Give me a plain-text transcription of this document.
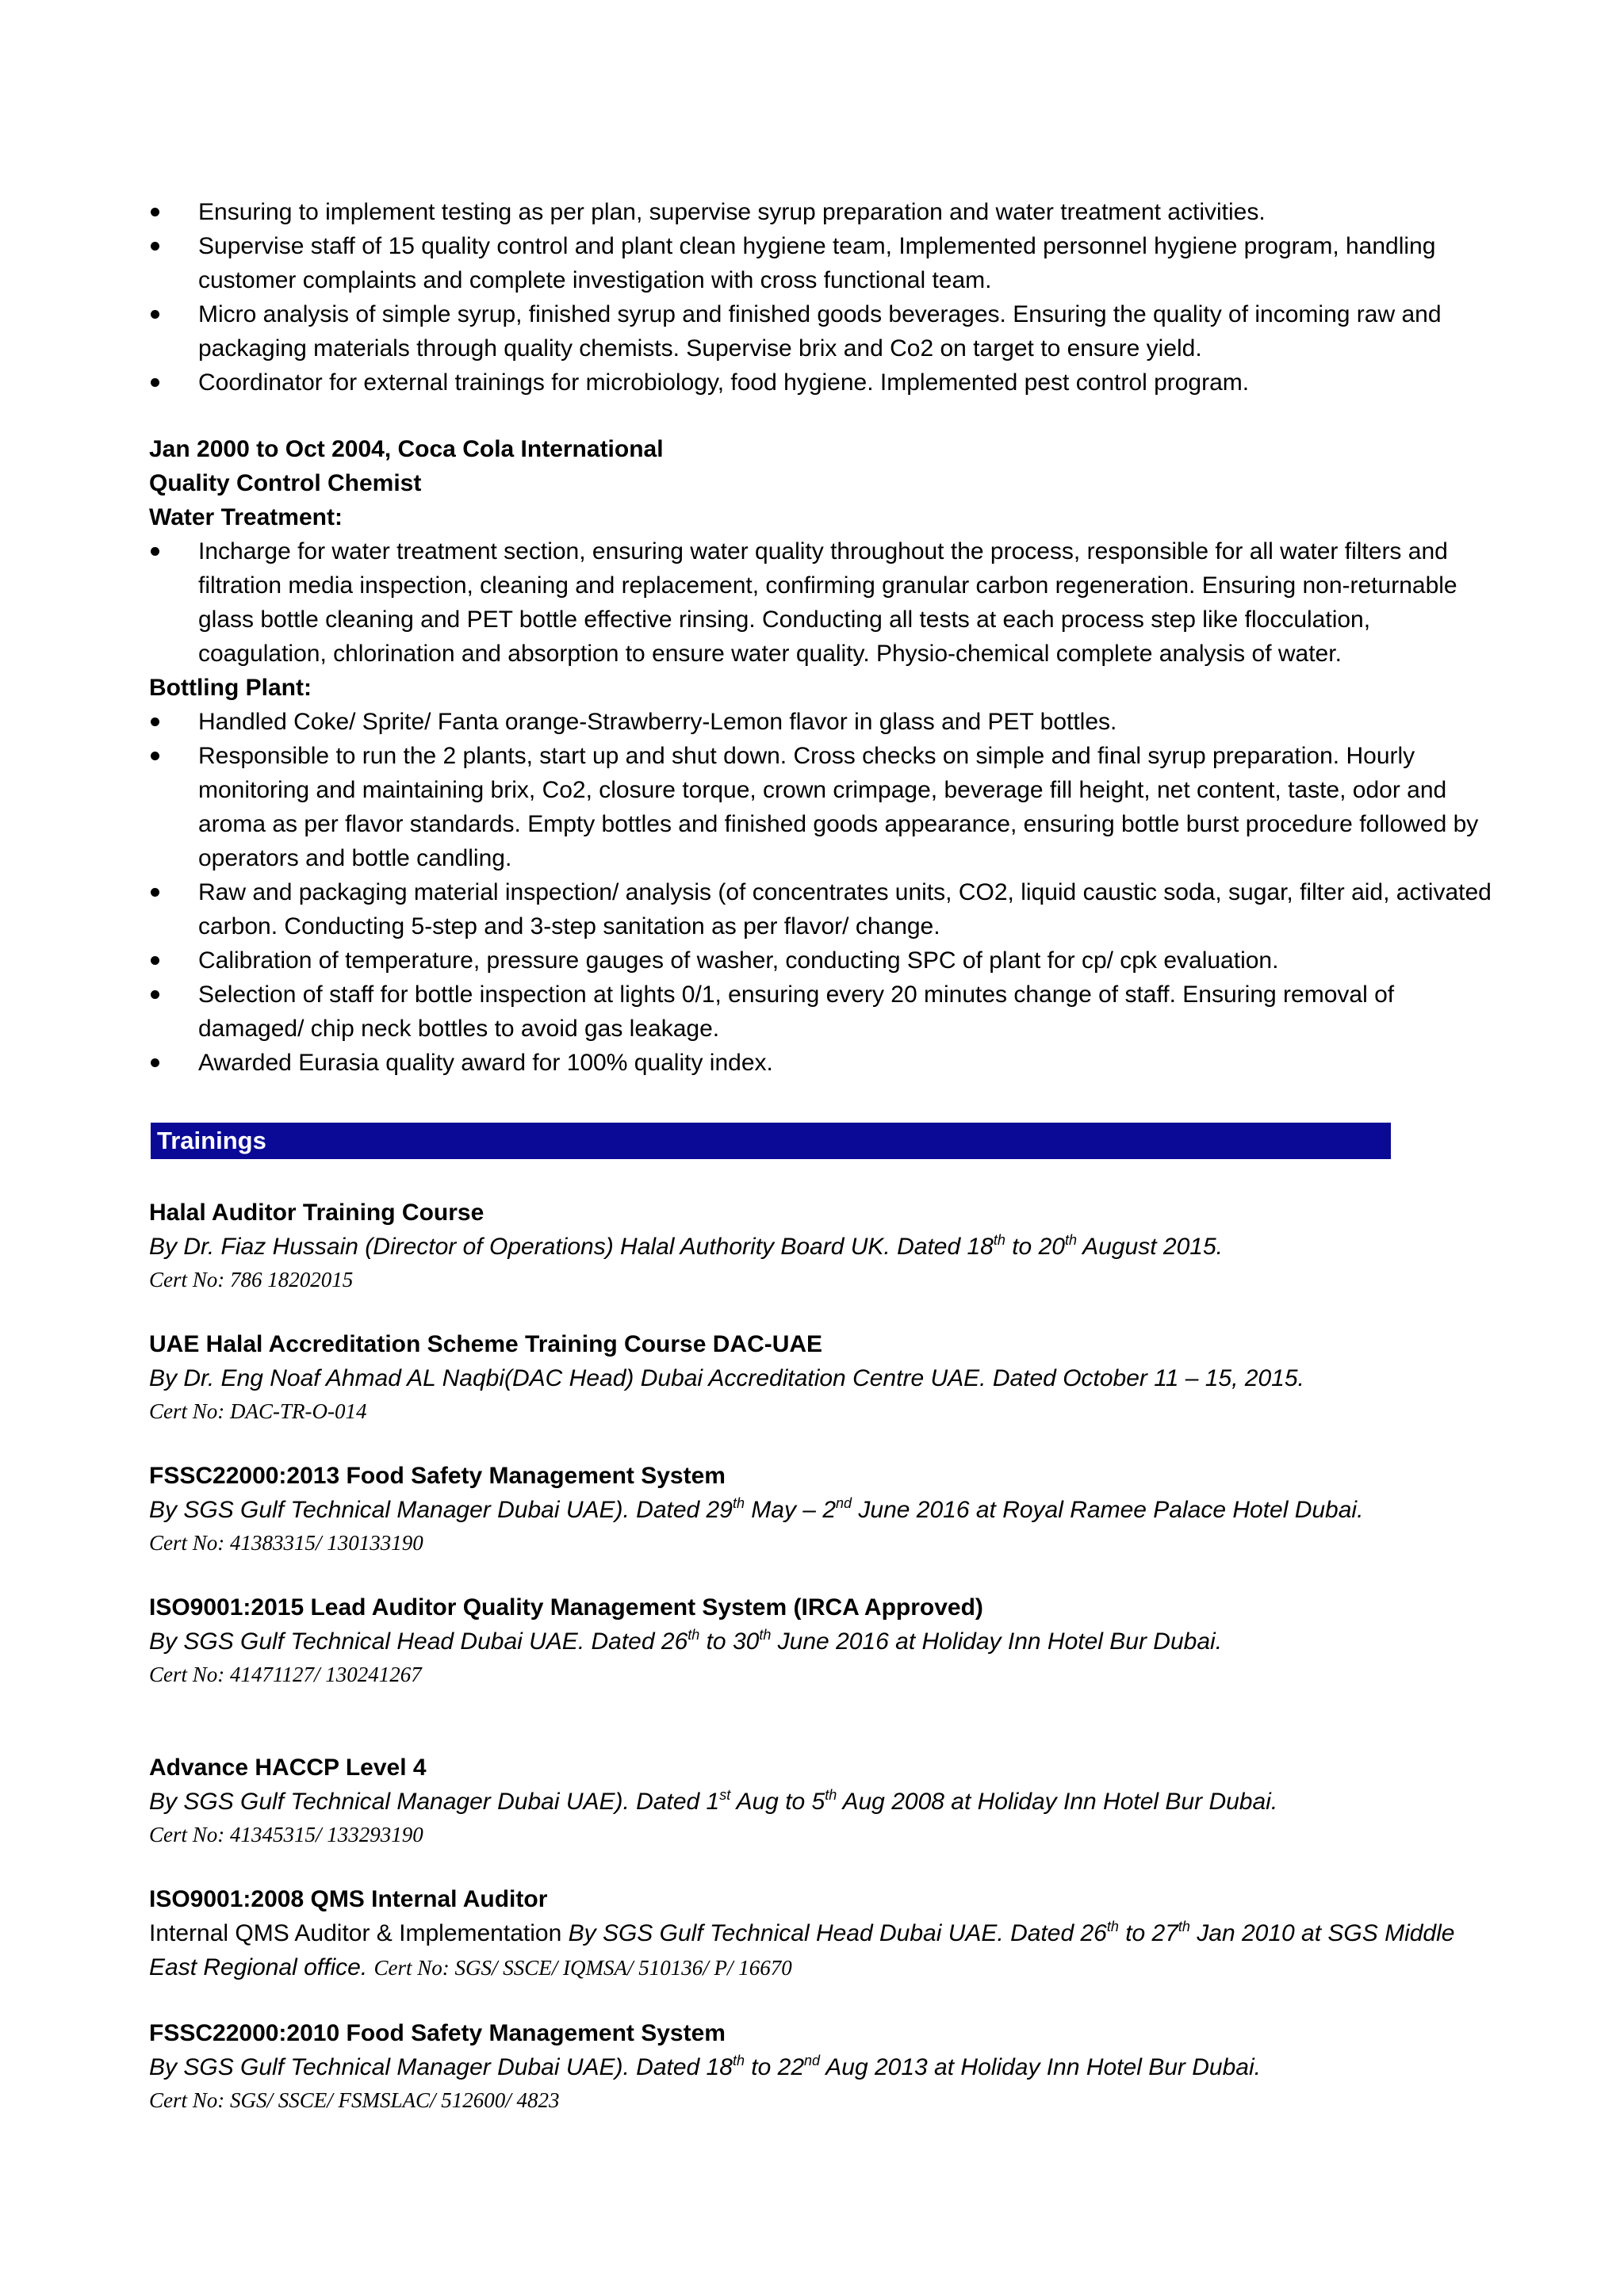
Ensuring to implement testing as per plan, supervise syrup preparation and water treatment activities.
Supervise staff of 15 quality control and plant clean hygiene team, Implemented personnel hygiene program, handling customer complaints and complete investigation with cross functional team.
Micro analysis of simple syrup, finished syrup and finished goods beverages. Ensuring the quality of incoming raw and packaging materials through quality chemists. Supervise brix and Co2 on target to ensure yield.
Coordinator for external trainings for microbiology, food hygiene. Implemented pest control program.
Jan 2000 to Oct 2004, Coca Cola International
Quality Control Chemist
Water Treatment:
Incharge for water treatment section, ensuring water quality throughout the process, responsible for all water filters and filtration media inspection, cleaning and replacement, confirming granular carbon regeneration. Ensuring non-returnable glass bottle cleaning and PET bottle effective rinsing. Conducting all tests at each process step like flocculation, coagulation, chlorination and absorption to ensure water quality. Physio-chemical complete analysis of water.
Bottling Plant:
Handled Coke/ Sprite/ Fanta orange-Strawberry-Lemon flavor in glass and PET bottles.
Responsible to run the 2 plants, start up and shut down. Cross checks on simple and final syrup preparation. Hourly monitoring and maintaining brix, Co2, closure torque, crown crimpage, beverage fill height, net content, taste, odor and aroma as per flavor standards. Empty bottles and finished goods appearance, ensuring bottle burst procedure followed by operators and bottle candling.
Raw and packaging material inspection/ analysis (of concentrates units, CO2, liquid caustic soda, sugar, filter aid, activated carbon. Conducting 5-step and 3-step sanitation as per flavor/ change.
Calibration of temperature, pressure gauges of washer, conducting SPC of plant for cp/ cpk evaluation.
Selection of staff for bottle inspection at lights 0/1, ensuring every 20 minutes change of staff. Ensuring removal of damaged/ chip neck bottles to avoid gas leakage.
Awarded Eurasia quality award for 100% quality index.
Trainings
Halal Auditor Training Course
By Dr. Fiaz Hussain (Director of Operations) Halal Authority Board UK. Dated 18th to 20th August 2015.
Cert No: 786 18202015
UAE Halal Accreditation Scheme Training Course DAC-UAE
By Dr. Eng Noaf Ahmad AL Naqbi(DAC Head) Dubai Accreditation Centre UAE. Dated October 11 – 15, 2015.
Cert No: DAC-TR-O-014
FSSC22000:2013 Food Safety Management System
By SGS Gulf Technical Manager Dubai UAE). Dated 29th May – 2nd June 2016 at Royal Ramee Palace Hotel Dubai.
Cert No: 41383315/ 130133190
ISO9001:2015 Lead Auditor Quality Management System (IRCA Approved)
By SGS Gulf Technical Head Dubai UAE. Dated 26th to 30th June 2016 at Holiday Inn Hotel Bur Dubai.
Cert No: 41471127/ 130241267
Advance HACCP Level 4
By SGS Gulf Technical Manager Dubai UAE). Dated 1st Aug to 5th Aug 2008 at Holiday Inn Hotel Bur Dubai.
Cert No: 41345315/ 133293190
ISO9001:2008 QMS Internal Auditor
Internal QMS Auditor & Implementation By SGS Gulf Technical Head Dubai UAE. Dated 26th to 27th Jan 2010 at SGS Middle East Regional office. Cert No: SGS/ SSCE/ IQMSA/ 510136/ P/ 16670
FSSC22000:2010 Food Safety Management System
By SGS Gulf Technical Manager Dubai UAE). Dated 18th to 22nd Aug 2013 at Holiday Inn Hotel Bur Dubai.
Cert No: SGS/ SSCE/ FSMSLAC/ 512600/ 4823
